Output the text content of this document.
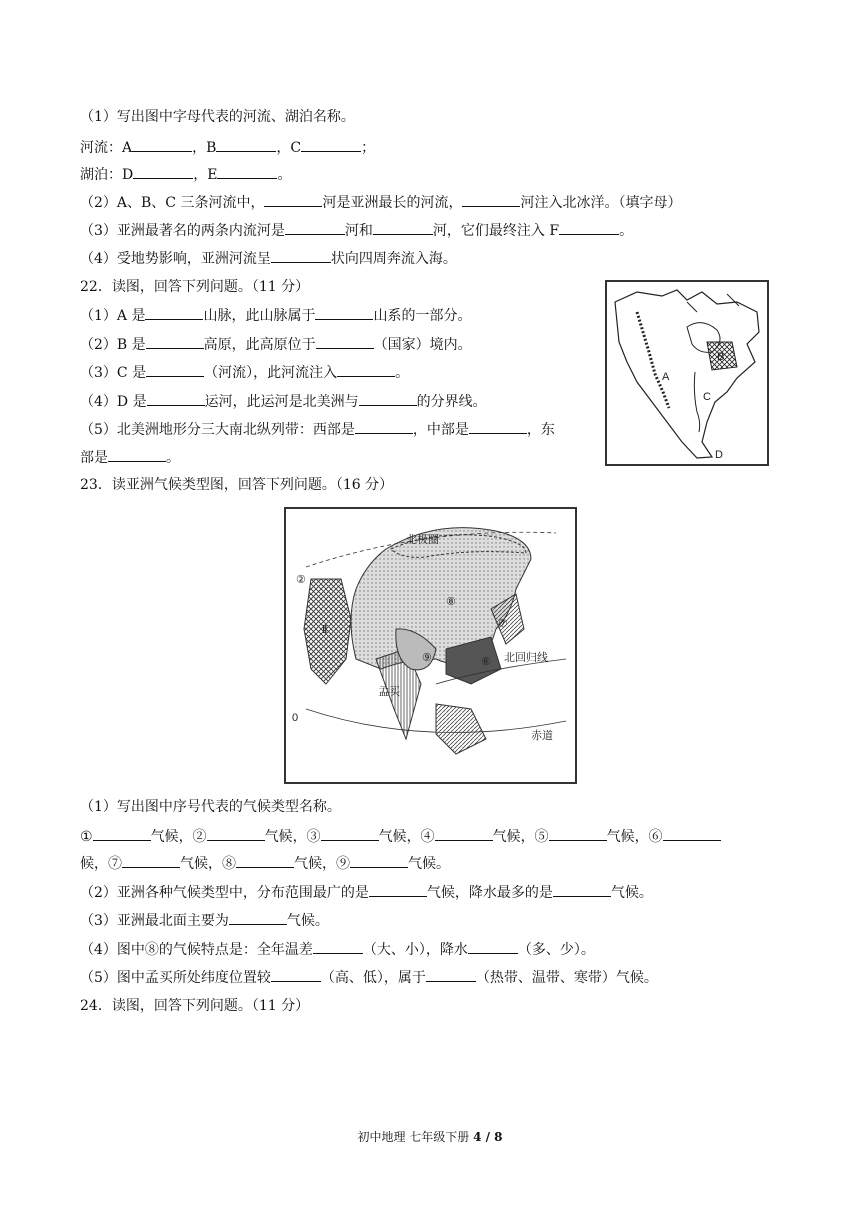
（1）写出图中字母代表的河流、湖泊名称。
河流：A	，B	，C	；
湖泊：D	，E	。
（2）A、B、C 三条河流中，	河是亚洲最长的河流，	河注入北冰洋。（填字母）
（3）亚洲最著名的两条内流河是	河和	河，它们最终注入 F	。
（4）受地势影响，亚洲河流呈	状向四周奔流入海。
22．读图，回答下列问题。（11 分）
（1）A 是	山脉，此山脉属于	山系的一部分。
（2）B 是	高原，此高原位于	（国家）境内。
（3）C 是	（河流），此河流注入	。
（4）D 是	运河，此运河是北美洲与	的分界线。
（5）北美洲地形分三大南北纵列带：西部是	，中部是	，东
部是	。
A
B
C
D
23．读亚洲气候类型图，回答下列问题。（16 分）
北极圈
北回归线
赤道
孟买
②
⑧
⑨	⑥
⑦
Ⅱ
0
（1）写出图中序号代表的气候类型名称。
①	气候，②	气候，③	气候，④	气候，⑤	气候，⑥
候，⑦	气候，⑧	气候，⑨	气候。
（2）亚洲各种气候类型中，分布范围最广的是	气候，降水最多的是	气候。
（3）亚洲最北面主要为	气候。
（4）图中⑧的气候特点是：全年温差	（大、小），降水	（多、少）。
（5）图中孟买所处纬度位置较	（高、低），属于	（热带、温带、寒带）气候。
24．读图，回答下列问题。（11 分）
初中地理 七年级下册 4 / 8
